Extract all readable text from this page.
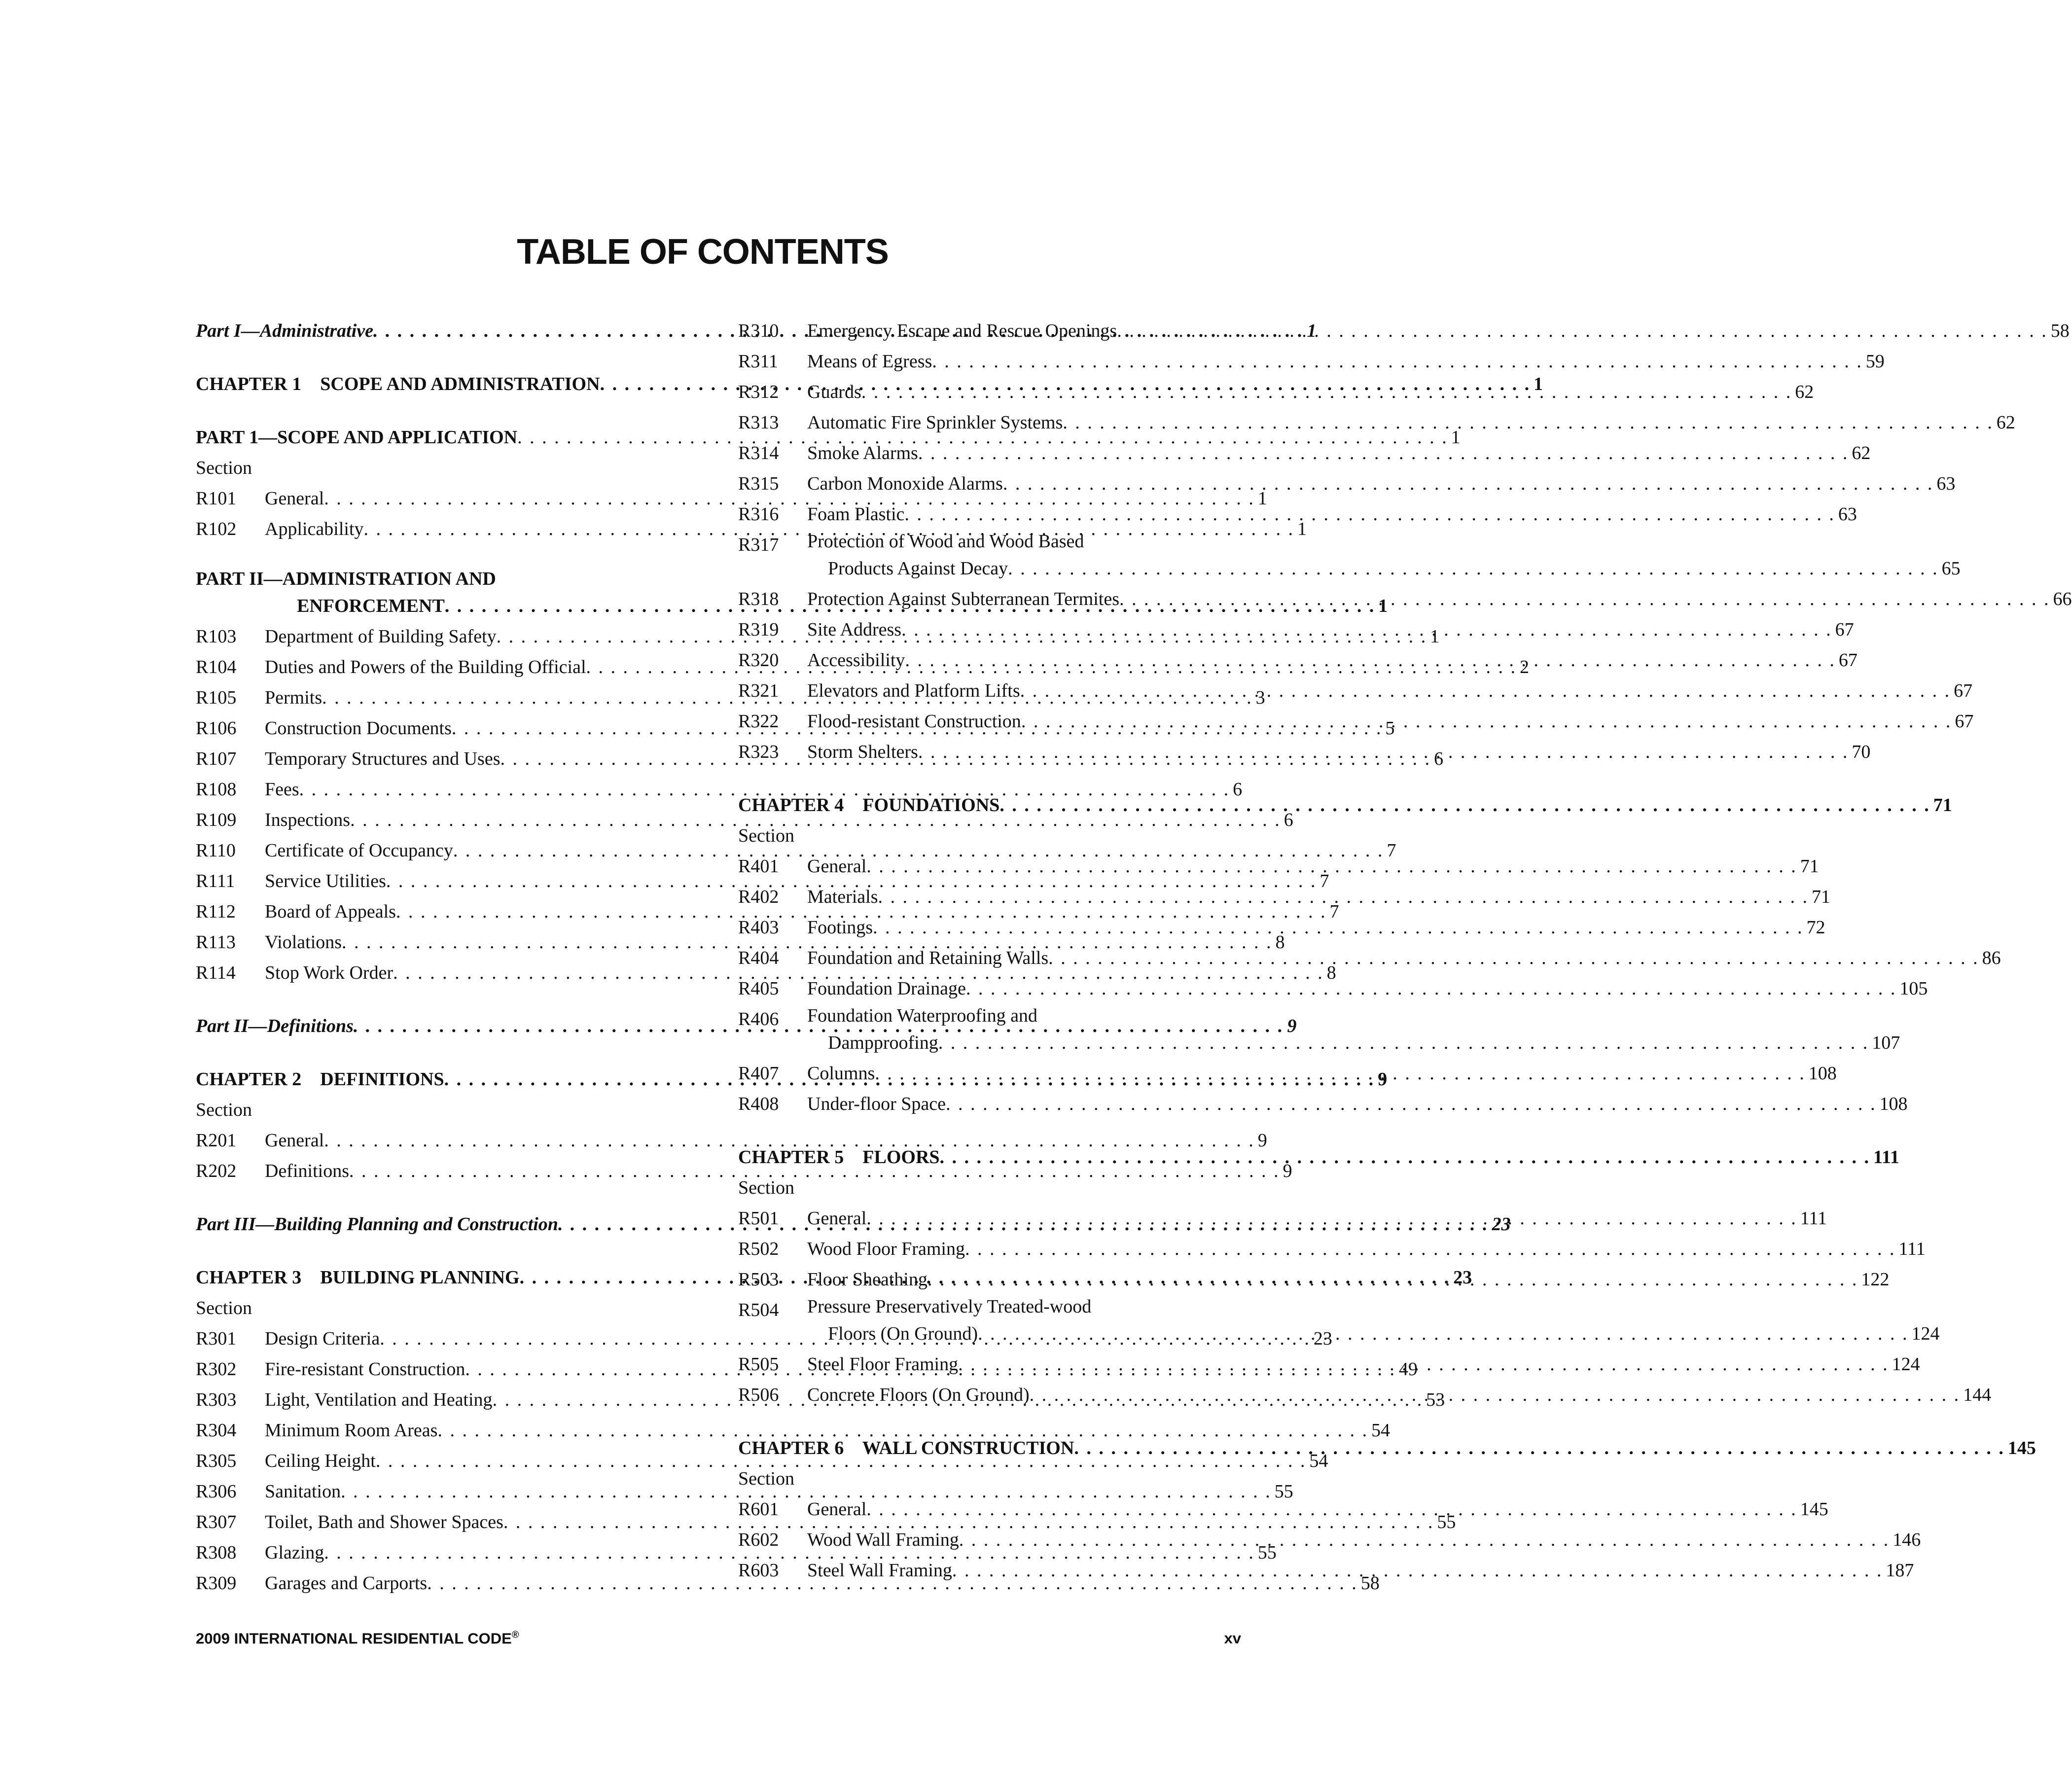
TABLE OF CONTENTS
Part I—Administrative . . .	1
CHAPTER 1    SCOPE AND ADMINISTRATION . . .	1
PART 1—SCOPE AND APPLICATION . . .	1
Section
R101	General . . .	1
R102	Applicability . . .	1
PART II—ADMINISTRATION AND
ENFORCEMENT . . .	1
R103	Department of Building Safety . . .	1
R104	Duties and Powers of the Building Official . . .	2
R105	Permits . . .	3
R106	Construction Documents . . .	5
R107	Temporary Structures and Uses . . .	6
R108	Fees . . .	6
R109	Inspections . . .	6
R110	Certificate of Occupancy . . .	7
R111	Service Utilities . . .	7
R112	Board of Appeals . . .	7
R113	Violations . . .	8
R114	Stop Work Order . . .	8
Part II—Definitions . . .	9
CHAPTER 2    DEFINITIONS . . .	9
Section
R201	General . . .	9
R202	Definitions . . .	9
Part III—Building Planning and Construction . . .	23
CHAPTER 3    BUILDING PLANNING . . .	23
Section
R301	Design Criteria . . .	23
R302	Fire-resistant Construction . . .	49
R303	Light, Ventilation and Heating . . .	53
R304	Minimum Room Areas . . .	54
R305	Ceiling Height . . .	54
R306	Sanitation . . .	55
R307	Toilet, Bath and Shower Spaces . . .	55
R308	Glazing . . .	55
R309	Garages and Carports . . .	58
R310	Emergency Escape and Rescue Openings . . .	58
R311	Means of Egress . . .	59
R312	Guards . . .	62
R313	Automatic Fire Sprinkler Systems . . .	62
R314	Smoke Alarms . . .	62
R315	Carbon Monoxide Alarms . . .	63
R316	Foam Plastic . . .	63
R317	Protection of Wood and Wood Based
Products Against Decay . . .	65
R318	Protection Against Subterranean Termites . . .	66
R319	Site Address . . .	67
R320	Accessibility . . .	67
R321	Elevators and Platform Lifts . . .	67
R322	Flood-resistant Construction . . .	67
R323	Storm Shelters . . .	70
CHAPTER 4    FOUNDATIONS . . .	71
Section
R401	General . . .	71
R402	Materials . . .	71
R403	Footings . . .	72
R404	Foundation and Retaining Walls . . .	86
R405	Foundation Drainage . . .	105
R406	Foundation Waterproofing and
Dampproofing . . .	107
R407	Columns . . .	108
R408	Under-floor Space . . .	108
CHAPTER 5    FLOORS . . .	111
Section
R501	General . . .	111
R502	Wood Floor Framing . . .	111
R503	Floor Sheathing . . .	122
R504	Pressure Preservatively Treated-wood
Floors (On Ground) . . .	124
R505	Steel Floor Framing . . .	124
R506	Concrete Floors (On Ground) . . .	144
CHAPTER 6    WALL CONSTRUCTION . . .	145
Section
R601	General . . .	145
R602	Wood Wall Framing . . .	146
R603	Steel Wall Framing . . .	187
2009 INTERNATIONAL RESIDENTIAL CODE®	xv
